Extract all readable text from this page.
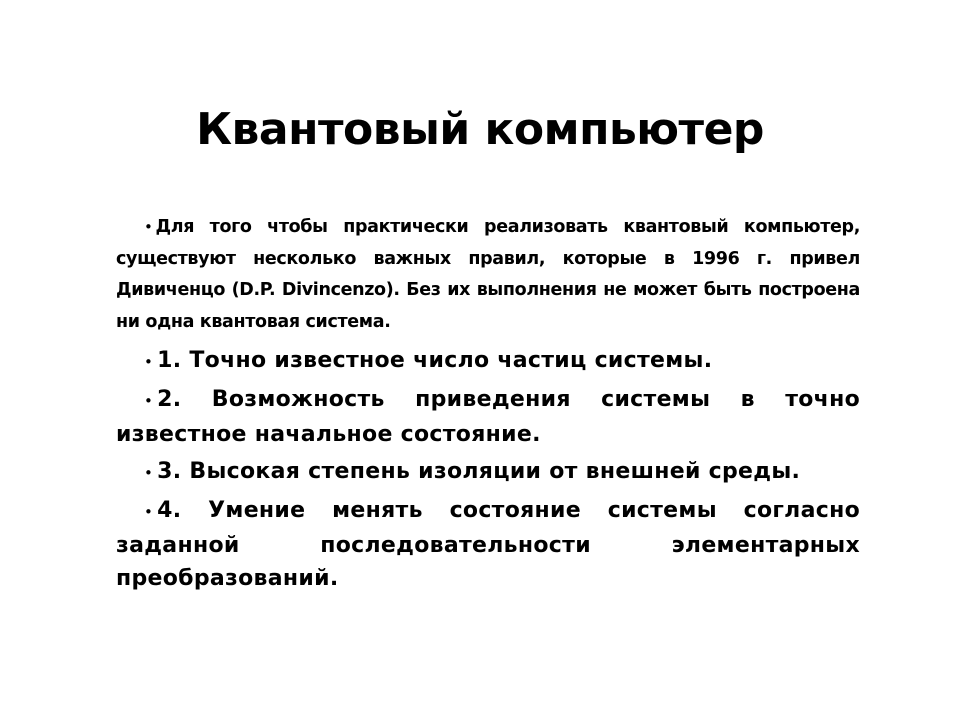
Квантовый компьютер
• Для того чтобы практически реализовать квантовый компьютер, существуют несколько важных правил, которые в 1996 г. привел Дивиченцо (D.P. Divincenzo). Без их выполнения не может быть построена ни одна квантовая система.
• 1. Точно известное число частиц системы.
• 2. Возможность приведения системы в точно известное начальное состояние.
• 3. Высокая степень изоляции от внешней среды.
• 4. Умение менять состояние системы согласно заданной последовательности элементарных преобразований.
